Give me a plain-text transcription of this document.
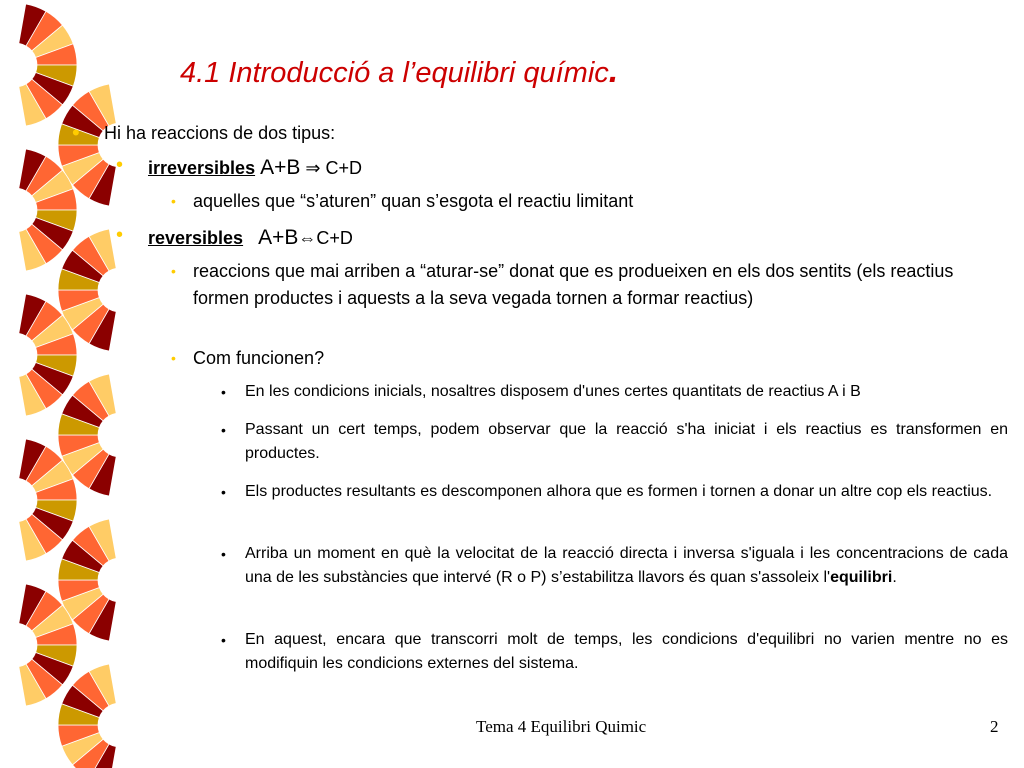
4.1 Introducció a l’equilibri químic.
• Hi ha reaccions de dos tipus:
• irreversibles A+B ⇒ C+D
• aquelles que “s’aturen” quan s’esgota el reactiu limitant
• reversibles A+B⇔C+D
• reaccions que mai arriben a “aturar-se” donat que es produeixen en els dos sentits (els reactius formen productes i aquests a la seva vegada tornen a formar reactius)
• Com funcionen?
• En les condicions inicials, nosaltres disposem d'unes certes quantitats de reactius A i B
• Passant un cert temps, podem observar que la reacció s'ha iniciat i els reactius es transformen en productes.
• Els productes resultants es descomponen alhora que es formen i tornen a donar un altre cop els reactius.
• Arriba un moment en què la velocitat de la reacció directa i inversa s'iguala i les concentracions de cada una de les substàncies que intervé (R o P) s’estabilitza llavors és quan s'assoleix l'equilibri.
• En aquest, encara que transcorri molt de temps, les condicions d'equilibri no varien mentre no es modifiquin les condicions externes del sistema.
Tema 4 Equilibri Quimic	2
